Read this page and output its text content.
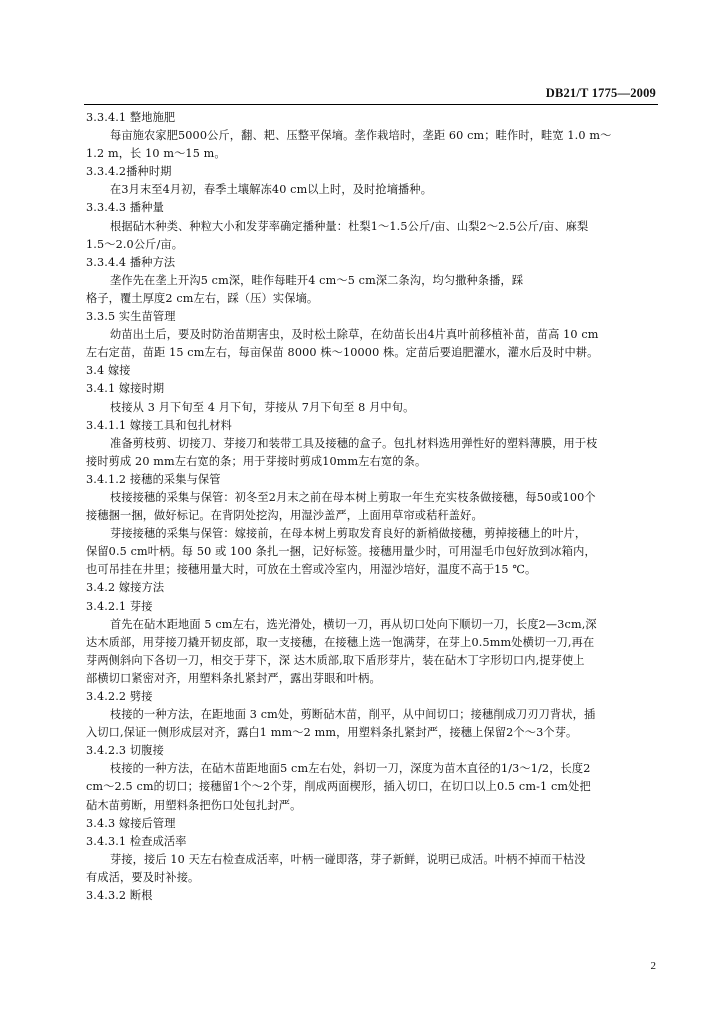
DB21/T 1775—2009
3.3.4.1 整地施肥
每亩施农家肥5000公斤，翻、耙、压整平保墒。垄作栽培时，垄距 60 cm；畦作时，畦宽 1.0 m～
1.2 m，长 10 m～15 m。
3.3.4.2播种时期
在3月末至4月初，春季土壤解冻40 cm以上时，及时抢墒播种。
3.3.4.3 播种量
根据砧木种类、种粒大小和发芽率确定播种量：杜梨1～1.5公斤/亩、山梨2～2.5公斤/亩、麻梨
1.5～2.0公斤/亩。
3.3.4.4 播种方法
垄作先在垄上开沟5 cm深，畦作每畦开4 cm～5 cm深二条沟，均匀撒种条播，踩
格子，覆土厚度2 cm左右，踩（压）实保墒。
3.3.5 实生苗管理
幼苗出土后，要及时防治苗期害虫，及时松土除草，在幼苗长出4片真叶前移植补苗，苗高 10 cm
左右定苗，苗距 15 cm左右，每亩保苗 8000 株～10000 株。定苗后要追肥灌水，灌水后及时中耕。
3.4 嫁接
3.4.1 嫁接时期
枝接从 3 月下旬至 4 月下旬，芽接从 7月下旬至 8 月中旬。
3.4.1.1 嫁接工具和包扎材料
准备剪枝剪、切接刀、芽接刀和装带工具及接穗的盒子。包扎材料选用弹性好的塑料薄膜，用于枝
接时剪成 20 mm左右宽的条；用于芽接时剪成10mm左右宽的条。
3.4.1.2 接穗的采集与保管
枝接接穗的采集与保管：初冬至2月末之前在母本树上剪取一年生充实枝条做接穗，每50或100个
接穗捆一捆，做好标记。在背阴处挖沟，用湿沙盖严，上面用草帘或秸秆盖好。
芽接接穗的采集与保管：嫁接前，在母本树上剪取发育良好的新梢做接穗，剪掉接穗上的叶片，
保留0.5 cm叶柄。每 50 或 100 条扎一捆，记好标签。接穗用量少时，可用湿毛巾包好放到冰箱内，
也可吊挂在井里；接穗用量大时，可放在土窖或冷室内，用湿沙培好，温度不高于15 ℃。
3.4.2 嫁接方法
3.4.2.1 芽接
首先在砧木距地面 5 cm左右，选光滑处，横切一刀，再从切口处向下顺切一刀，长度2—3cm,深
达木质部，用芽接刀撬开韧皮部，取一支接穗，在接穗上选一饱满芽，在芽上0.5mm处横切一刀,再在
芽两侧斜向下各切一刀，相交于芽下，深 达木质部,取下盾形芽片，装在砧木丁字形切口内,提芽使上
部横切口紧密对齐，用塑料条扎紧封严，露出芽眼和叶柄。
3.4.2.2 劈接
枝接的一种方法，在距地面 3 cm处，剪断砧木苗，削平，从中间切口；接穗削成刀刃刀背状，插
入切口,保证一侧形成层对齐，露白1 mm～2 mm，用塑料条扎紧封严，接穗上保留2个～3个芽。
3.4.2.3 切腹接
枝接的一种方法，在砧木苗距地面5 cm左右处，斜切一刀，深度为苗木直径的1/3～1/2，长度2
cm～2.5 cm的切口；接穗留1个～2个芽，削成两面楔形，插入切口，在切口以上0.5 cm-1 cm处把
砧木苗剪断，用塑料条把伤口处包扎封严。
3.4.3 嫁接后管理
3.4.3.1 检查成活率
芽接，接后 10 天左右检查成活率，叶柄一碰即落，芽子新鲜，说明已成活。叶柄不掉而干枯没
有成活，要及时补接。
3.4.3.2 断根
2
